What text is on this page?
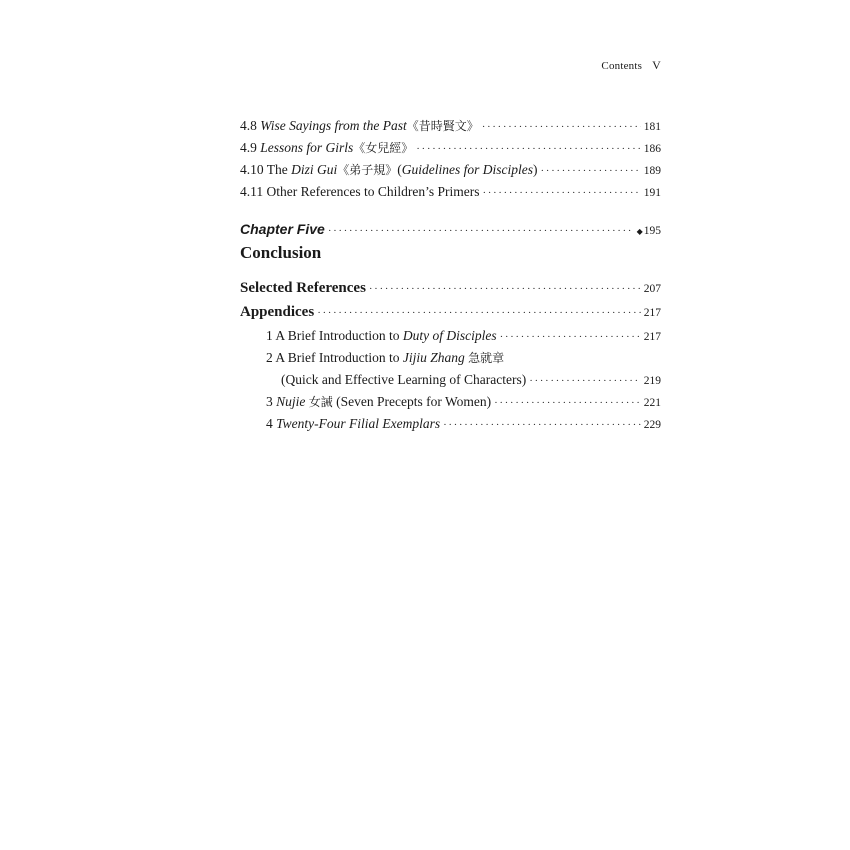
Contents V
4.8 Wise Sayings from the Past《昔時賢文》 ·····	181
4.9 Lessons for Girls《女兒經》 ·····	186
4.10 The Dizi Gui《弟子規》(Guidelines for Disciples) ·····	189
4.11 Other References to Children’s Primers ·····	191
Chapter Five ·····	◆195
Conclusion
Selected References ·····	207
Appendices ·····	217
1 A Brief Introduction to Duty of Disciples ·····	217
2 A Brief Introduction to Jijiu Zhang 急就章
(Quick and Effective Learning of Characters) ·····	219
3 Nujie 女誡 (Seven Precepts for Women) ·····	221
4 Twenty-Four Filial Exemplars ·····	229
